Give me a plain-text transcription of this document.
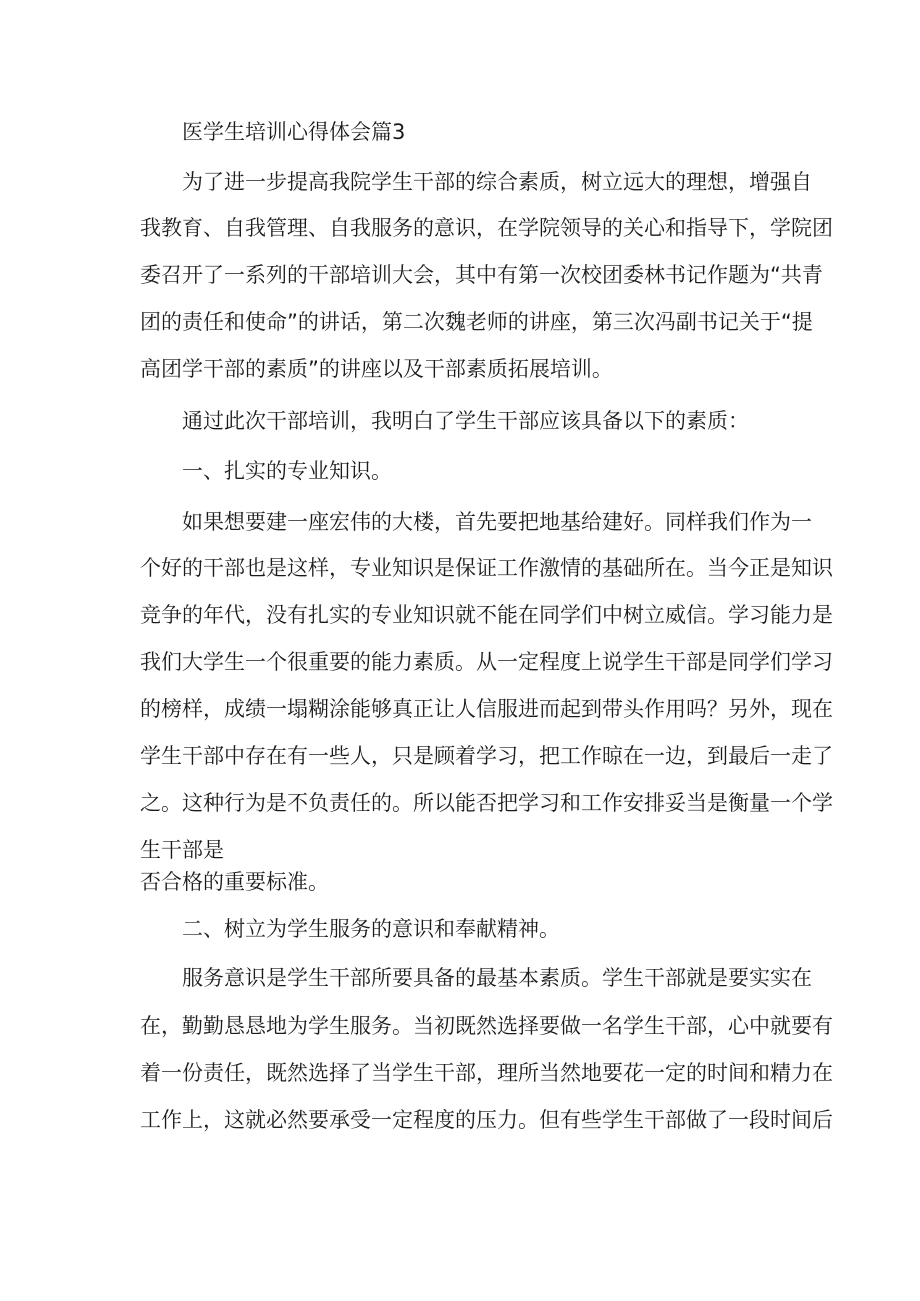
医学生培训心得体会篇3
为了进一步提高我院学生干部的综合素质，树立远大的理想，增强自
我教育、自我管理、自我服务的意识，在学院领导的关心和指导下，学院团
委召开了一系列的干部培训大会，其中有第一次校团委林书记作题为“共青
团的责任和使命”的讲话，第二次魏老师的讲座，第三次冯副书记关于“提
高团学干部的素质”的讲座以及干部素质拓展培训。
通过此次干部培训，我明白了学生干部应该具备以下的素质：
一、扎实的专业知识。
如果想要建一座宏伟的大楼，首先要把地基给建好。同样我们作为一
个好的干部也是这样，专业知识是保证工作激情的基础所在。当今正是知识
竞争的年代，没有扎实的专业知识就不能在同学们中树立威信。学习能力是
我们大学生一个很重要的能力素质。从一定程度上说学生干部是同学们学习
的榜样，成绩一塌糊涂能够真正让人信服进而起到带头作用吗？另外，现在
学生干部中存在有一些人，只是顾着学习，把工作晾在一边，到最后一走了
之。这种行为是不负责任的。所以能否把学习和工作安排妥当是衡量一个学
生干部是
否合格的重要标准。
二、树立为学生服务的意识和奉献精神。
服务意识是学生干部所要具备的最基本素质。学生干部就是要实实在
在，勤勤恳恳地为学生服务。当初既然选择要做一名学生干部，心中就要有
着一份责任，既然选择了当学生干部，理所当然地要花一定的时间和精力在
工作上，这就必然要承受一定程度的压力。但有些学生干部做了一段时间后
